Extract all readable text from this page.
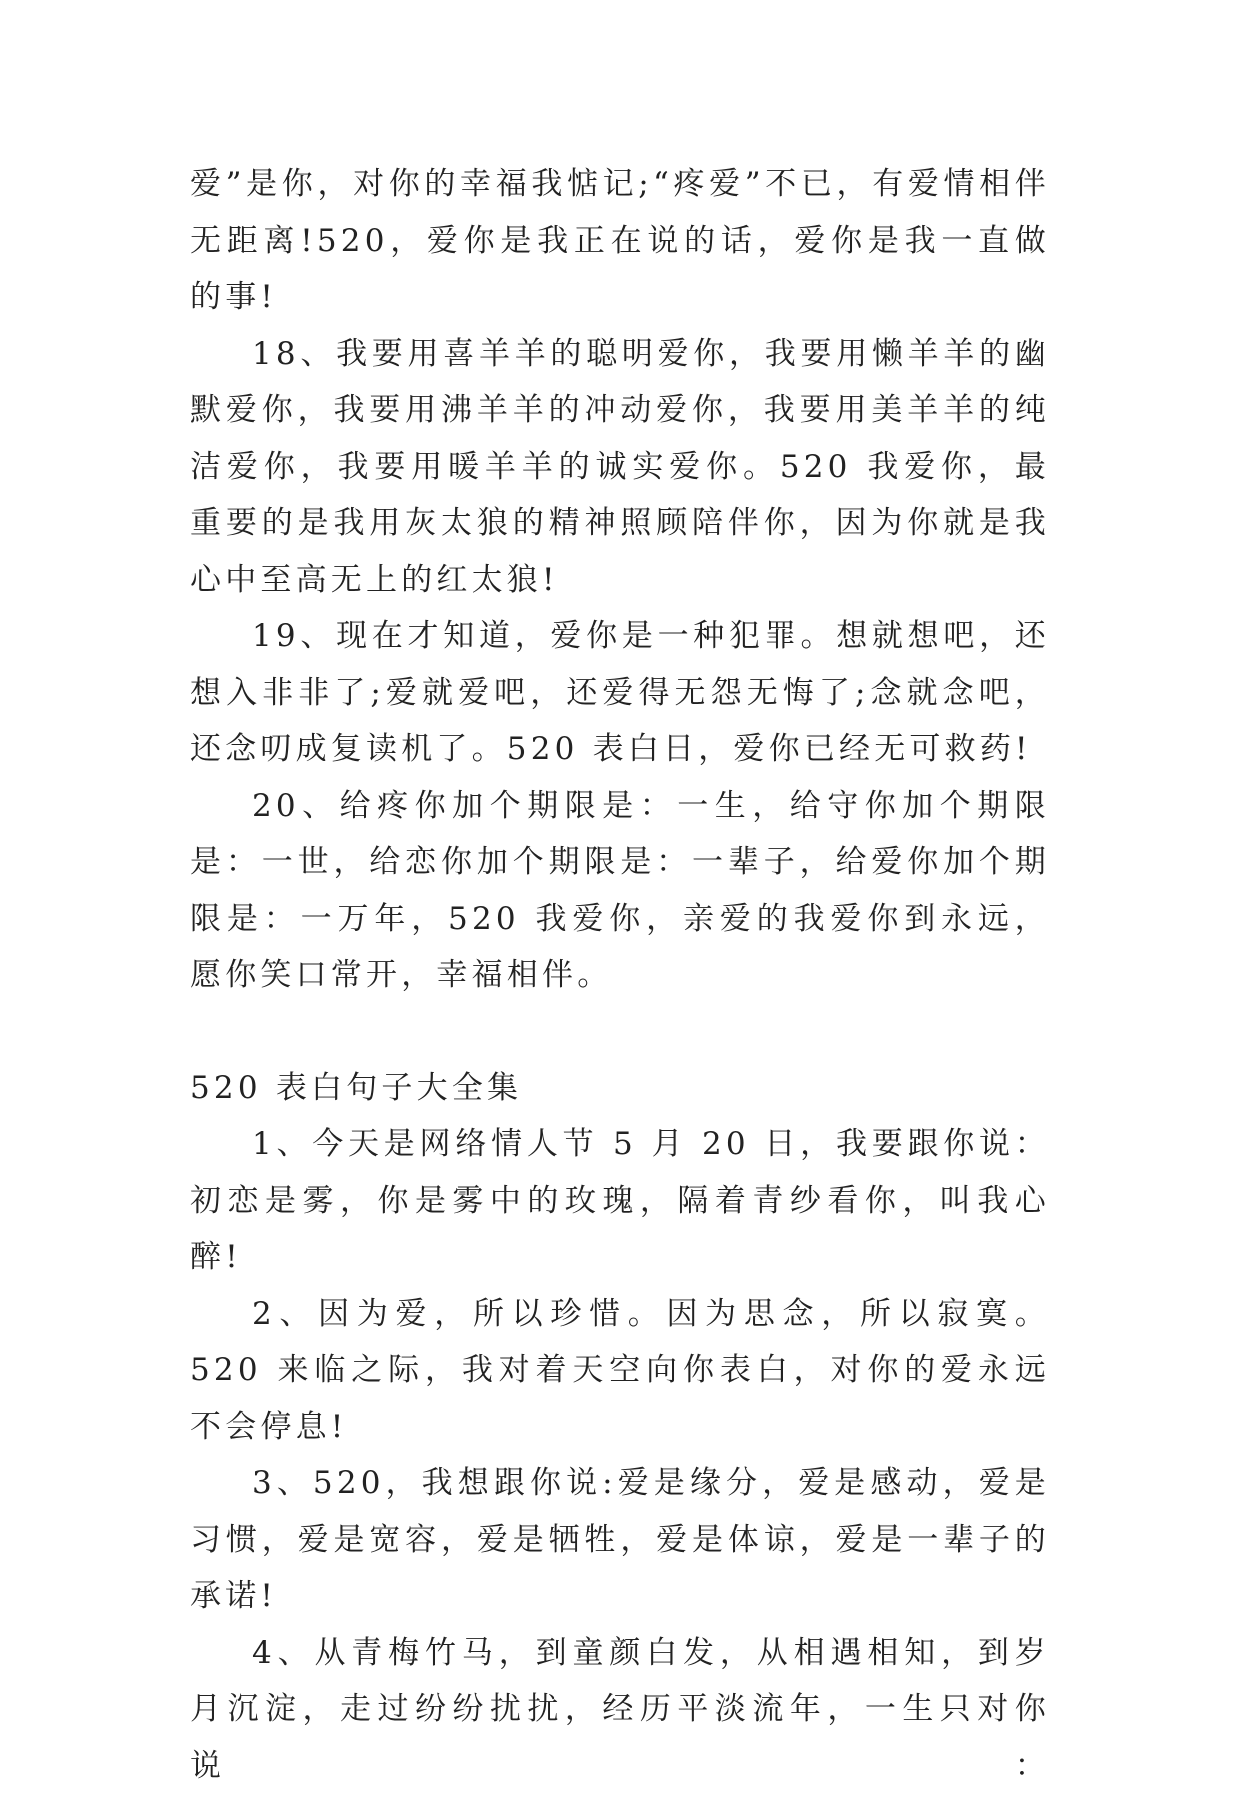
爱”是你，对你的幸福我惦记;“疼爱”不已，有爱情相伴无距离!520，爱你是我正在说的话，爱你是我一直做的事!

18、我要用喜羊羊的聪明爱你，我要用懒羊羊的幽默爱你，我要用沸羊羊的冲动爱你，我要用美羊羊的纯洁爱你，我要用暖羊羊的诚实爱你。520 我爱你，最重要的是我用灰太狼的精神照顾陪伴你，因为你就是我心中至高无上的红太狼!

19、现在才知道，爱你是一种犯罪。想就想吧，还想入非非了;爱就爱吧，还爱得无怨无悔了;念就念吧，还念叨成复读机了。520 表白日，爱你已经无可救药!

20、给疼你加个期限是：一生，给守你加个期限是：一世，给恋你加个期限是：一辈子，给爱你加个期限是：一万年，520 我爱你，亲爱的我爱你到永远，愿你笑口常开，幸福相伴。

520 表白句子大全集

1、今天是网络情人节 5 月 20 日，我要跟你说：初恋是雾，你是雾中的玫瑰，隔着青纱看你，叫我心醉!

2、因为爱，所以珍惜。因为思念，所以寂寞。520 来临之际，我对着天空向你表白，对你的爱永远不会停息!

3、520，我想跟你说:爱是缘分，爱是感动，爱是习惯，爱是宽容，爱是牺牲，爱是体谅，爱是一辈子的承诺!

4、从青梅竹马，到童颜白发，从相遇相知，到岁月沉淀，走过纷纷扰扰，经历平淡流年，一生只对你说：
